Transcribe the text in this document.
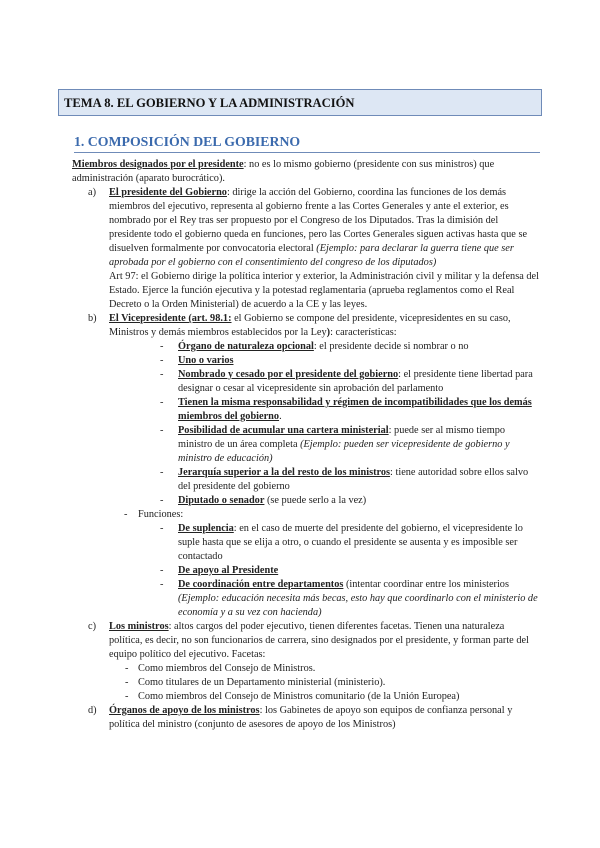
TEMA 8. EL GOBIERNO Y LA ADMINISTRACIÓN
1. COMPOSICIÓN DEL GOBIERNO

Miembros designados por el presidente: no es lo mismo gobierno (presidente con sus ministros) que administración (aparato burocrático).

a) El presidente del Gobierno: dirige la acción del Gobierno, coordina las funciones de los demás miembros del ejecutivo, representa al gobierno frente a las Cortes Generales y ante el exterior, es nombrado por el Rey tras ser propuesto por el Congreso de los Diputados. Tras la dimisión del presidente todo el gobierno queda en funciones, pero las Cortes Generales siguen activas hasta que se disuelven formalmente por convocatoria electoral (Ejemplo: para declarar la guerra tiene que ser aprobada por el gobierno con el consentimiento del congreso de los diputados)

Art 97: el Gobierno dirige la política interior y exterior, la Administración civil y militar y la defensa del Estado. Ejerce la función ejecutiva y la potestad reglamentaria (aprueba reglamentos como el Real Decreto o la Orden Ministerial) de acuerdo a la CE y las leyes.

b) El Vicepresidente (art. 98.1: el Gobierno se compone del presidente, vicepresidentes en su caso, Ministros y demás miembros establecidos por la Ley): características:

- Órgano de naturaleza opcional: el presidente decide si nombrar o no

- Uno o varios

- Nombrado y cesado por el presidente del gobierno: el presidente tiene libertad para designar o cesar al vicepresidente sin aprobación del parlamento

- Tienen la misma responsabilidad y régimen de incompatibilidades que los demás miembros del gobierno.

- Posibilidad de acumular una cartera ministerial: puede ser al mismo tiempo ministro de un área completa (Ejemplo: pueden ser vicepresidente de gobierno y ministro de educación)

- Jerarquía superior a la del resto de los ministros: tiene autoridad sobre ellos salvo del presidente del gobierno

- Diputado o senador (se puede serlo a la vez)

- Funciones:

- De suplencia: en el caso de muerte del presidente del gobierno, el vicepresidente lo suple hasta que se elija a otro, o cuando el presidente se ausenta y es imposible ser contactado

- De apoyo al Presidente

- De coordinación entre departamentos (intentar coordinar entre los ministerios (Ejemplo: educación necesita más becas, esto hay que coordinarlo con el ministerio de economía y a su vez con hacienda)

c) Los ministros: altos cargos del poder ejecutivo, tienen diferentes facetas. Tienen una naturaleza política, es decir, no son funcionarios de carrera, sino designados por el presidente, y forman parte del equipo político del ejecutivo. Facetas:

- Como miembros del Consejo de Ministros.

- Como titulares de un Departamento ministerial (ministerio).

- Como miembros del Consejo de Ministros comunitario (de la Unión Europea)

d) Órganos de apoyo de los ministros: los Gabinetes de apoyo son equipos de confianza personal y política del ministro (conjunto de asesores de apoyo de los Ministros)
